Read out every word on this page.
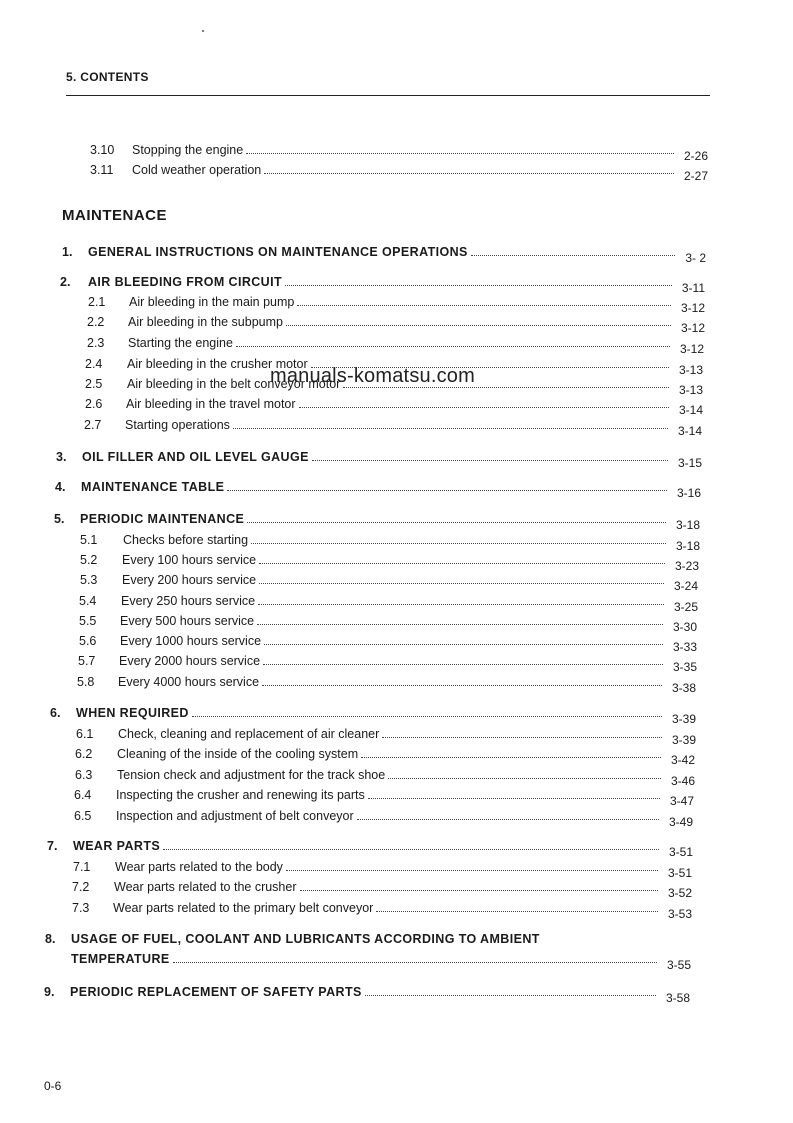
5. CONTENTS
3.10	Stopping the engine	2-26
3.11	Cold weather operation	2-27
MAINTENACE
1.	GENERAL INSTRUCTIONS ON MAINTENANCE OPERATIONS	3- 2
2.	AIR BLEEDING FROM CIRCUIT	3-11
2.1	Air bleeding in the main pump	3-12
2.2	Air bleeding in the subpump	3-12
2.3	Starting the engine	3-12
2.4	Air bleeding in the crusher motor	3-13
2.5	Air bleeding in the belt conveyor motor	3-13
2.6	Air bleeding in the travel motor	3-14
2.7	Starting operations	3-14
3.	OIL FILLER AND OIL LEVEL GAUGE	3-15
4.	MAINTENANCE TABLE	3-16
5.	PERIODIC MAINTENANCE	3-18
5.1	Checks before starting	3-18
5.2	Every 100 hours service	3-23
5.3	Every 200 hours service	3-24
5.4	Every 250 hours service	3-25
5.5	Every 500 hours service	3-30
5.6	Every 1000 hours service	3-33
5.7	Every 2000 hours service	3-35
5.8	Every 4000 hours service	3-38
6.	WHEN REQUIRED	3-39
6.1	Check, cleaning and replacement of air cleaner	3-39
6.2	Cleaning of the inside of the cooling system	3-42
6.3	Tension check and adjustment for the track shoe	3-46
6.4	Inspecting the crusher and renewing its parts	3-47
6.5	Inspection and adjustment of belt conveyor	3-49
7.	WEAR PARTS	3-51
7.1	Wear parts related to the body	3-51
7.2	Wear parts related to the crusher	3-52
7.3	Wear parts related to the primary belt conveyor	3-53
8.	USAGE OF FUEL, COOLANT AND LUBRICANTS ACCORDING TO AMBIENT
TEMPERATURE	3-55
9.	PERIODIC REPLACEMENT OF SAFETY PARTS	3-58
manuals-komatsu.com
0-6
